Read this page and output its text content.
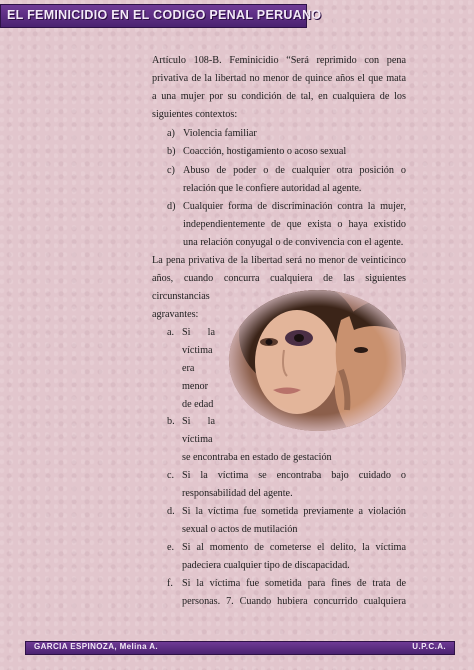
EL FEMINICIDIO EN EL CODIGO PENAL PERUANO
Artículo 108-B. Feminicidio “Será reprimido con pena
privativa de la libertad no menor de quince años el que mata
a una mujer por su condición de tal, en cualquiera de los
siguientes contextos:
a) Violencia familiar
b) Coacción, hostigamiento o acoso sexual
c) Abuso de poder o de cualquier otra posición o
relación que le confiere autoridad al agente.
d) Cualquier forma de discriminación contra la mujer,
independientemente de que exista o haya existido
una relación conyugal o de convivencia con el agente.
La pena privativa de la libertad será no menor de veinticinco
años, cuando concurra cualquiera de las siguientes
circunstancias
agravantes:
a. Si la
víctima
era
menor
de edad
b. Si la
víctima
se encontraba en estado de gestación
c. Si la víctima se encontraba bajo cuidado o
responsabilidad del agente.
d. Si la víctima fue sometida previamente a violación
sexual o actos de mutilación
e. Si al momento de cometerse el delito, la víctima
padeciera cualquier tipo de discapacidad.
f. Si la víctima fue sometida para fines de trata de
personas. 7. Cuando hubiera concurrido cualquiera
GARCIA ESPINOZA, Melina A.	U.P.C.A.
